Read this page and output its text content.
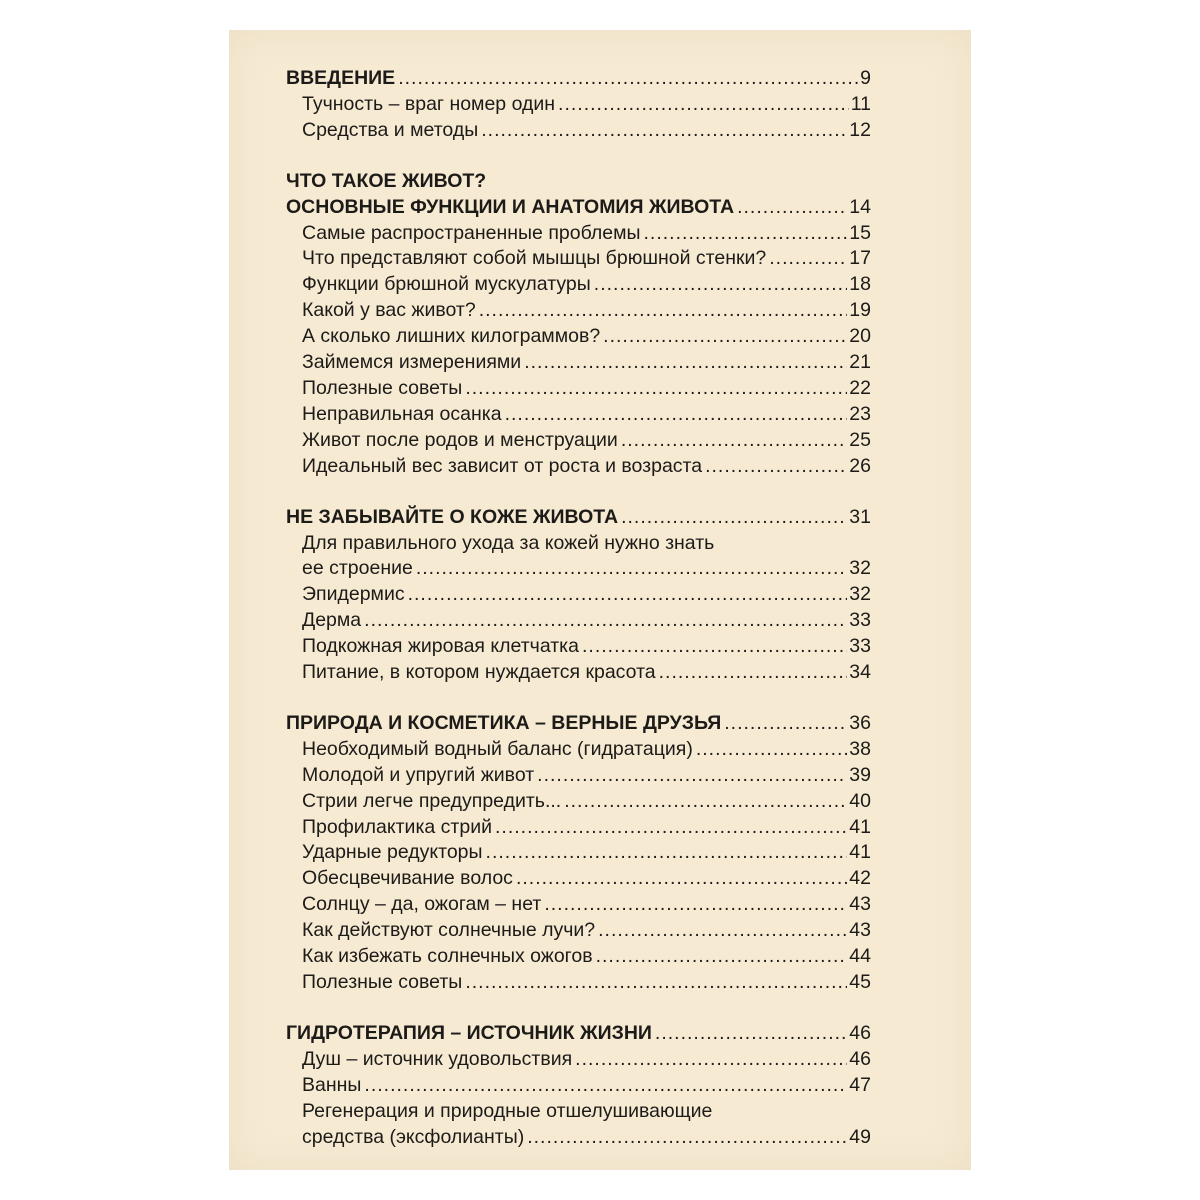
ВВЕДЕНИЕ .....	9
Тучность – враг номер один .....	11
Средства и методы .....	12
ЧТО ТАКОЕ ЖИВОТ?
ОСНОВНЫЕ ФУНКЦИИ И АНАТОМИЯ ЖИВОТА .....	14
Самые распространенные проблемы .....	15
Что представляют собой мышцы брюшной стенки? .....	17
Функции брюшной мускулатуры .....	18
Какой у вас живот? .....	19
А сколько лишних килограммов? .....	20
Займемся измерениями .....	21
Полезные советы .....	22
Неправильная осанка .....	23
Живот после родов и менструации .....	25
Идеальный вес зависит от роста и возраста .....	26
НЕ ЗАБЫВАЙТЕ О КОЖЕ ЖИВОТА .....	31
Для правильного ухода за кожей нужно знать
ее строение .....	32
Эпидермис .....	32
Дерма .....	33
Подкожная жировая клетчатка .....	33
Питание, в котором нуждается красота .....	34
ПРИРОДА И КОСМЕТИКА – ВЕРНЫЕ ДРУЗЬЯ .....	36
Необходимый водный баланс (гидратация) .....	38
Молодой и упругий живот .....	39
Стрии легче предупредить... .....	40
Профилактика стрий .....	41
Ударные редукторы .....	41
Обесцвечивание волос .....	42
Солнцу – да, ожогам – нет .....	43
Как действуют солнечные лучи? .....	43
Как избежать солнечных ожогов .....	44
Полезные советы .....	45
ГИДРОТЕРАПИЯ – ИСТОЧНИК ЖИЗНИ .....	46
Душ – источник удовольствия .....	46
Ванны .....	47
Регенерация и природные отшелушивающие
средства (эксфолианты) .....	49
